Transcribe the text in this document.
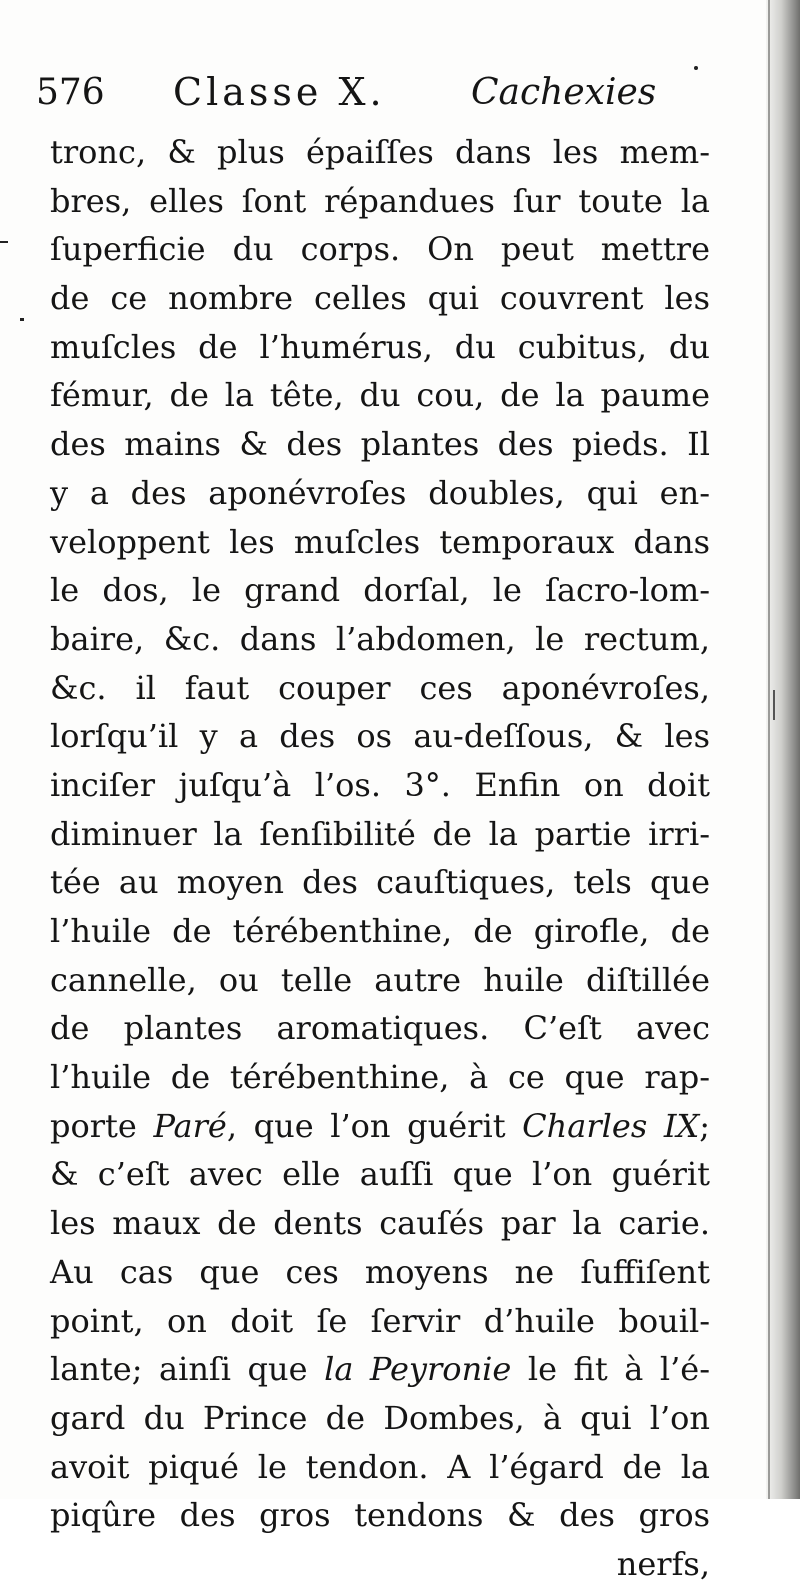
576 Classe X. Cachexies
tronc, & plus épaiſſes dans les mem-
bres, elles ſont répandues ſur toute la
ſuperficie du corps. On peut mettre
de ce nombre celles qui couvrent les
muſcles de l’humérus, du cubitus, du
fémur, de la tête, du cou, de la paume
des mains & des plantes des pieds. Il
y a des aponévroſes doubles, qui en-
veloppent les muſcles temporaux dans
le dos, le grand dorſal, le ſacro-lom-
baire, &c. dans l’abdomen, le rectum,
&c. il faut couper ces aponévroſes,
lorſqu’il y a des os au-deſſous, & les
inciſer juſqu’à l’os. 3°. Enfin on doit
diminuer la ſenſibilité de la partie irri-
tée au moyen des cauſtiques, tels que
l’huile de térébenthine, de girofle, de
cannelle, ou telle autre huile diſtillée
de plantes aromatiques. C’eſt avec
l’huile de térébenthine, à ce que rap-
porte Paré, que l’on guérit Charles IX;
& c’eſt avec elle auſſi que l’on guérit
les maux de dents cauſés par la carie.
Au cas que ces moyens ne ſuffiſent
point, on doit ſe ſervir d’huile bouil-
lante; ainſi que la Peyronie le fit à l’é-
gard du Prince de Dombes, à qui l’on
avoit piqué le tendon. A l’égard de la
piqûre des gros tendons & des gros
nerfs,
